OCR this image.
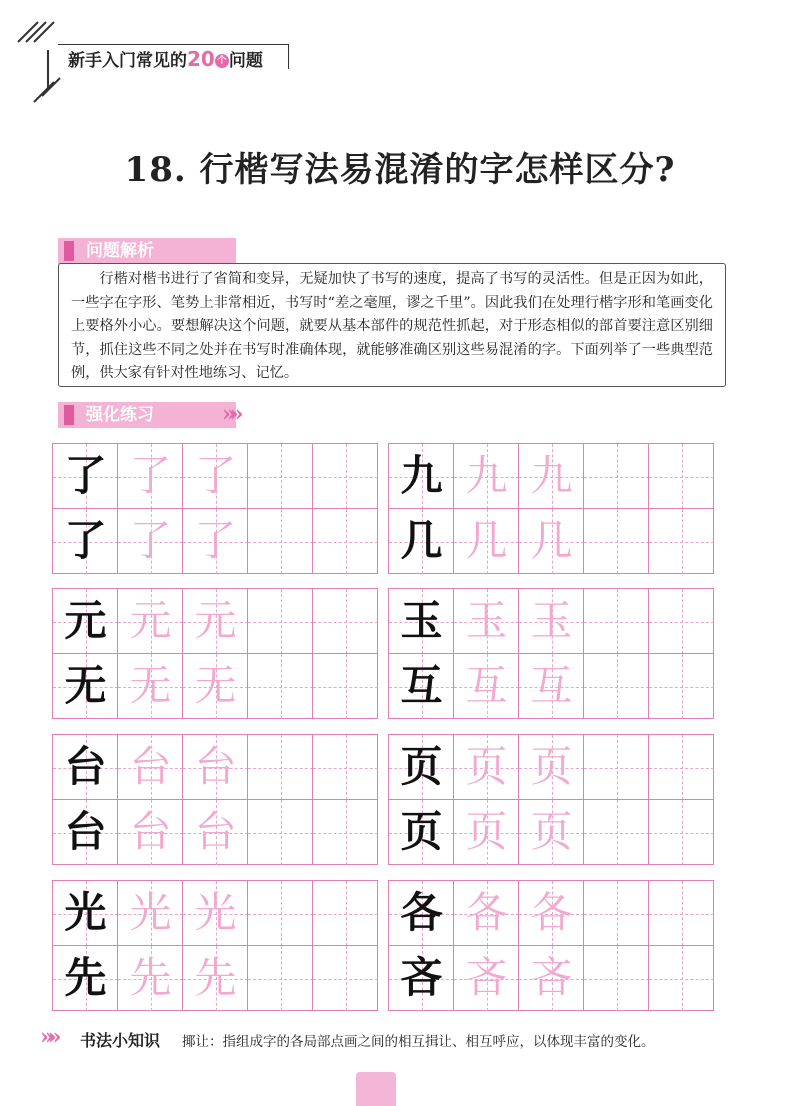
新手入门常见的20 个 问题
18. 行楷写法易混淆的字怎样区分?
问题解析

行楷对楷书进行了省简和变异，无疑加快了书写的速度，提高了书写的灵活性。但是正因为如此，一些字在字形、笔势上非常相近，书写时“差之毫厘，谬之千里”。因此我们在处理行楷字形和笔画变化上要格外小心。要想解决这个问题，就要从基本部件的规范性抓起，对于形态相似的部首要注意区别细节，抓住这些不同之处并在书写时准确体现，就能够准确区别这些易混淆的字。下面列举了一些典型范例，供大家有针对性地练习、记忆。

强化练习	»»
了 了 了
了 了 了
九 九 九
几 几 几
元 元 元
无 无 无
玉 玉 玉
互 互 互
台 台 台
台 台 台
页 页 页
页 页 页
光 光 光
先 先 先
各 各 各
吝 吝 吝
»» 书法小知识 揶让：指组成字的各局部点画之间的相互揖让、相互呼应，以体现丰富的变化。
